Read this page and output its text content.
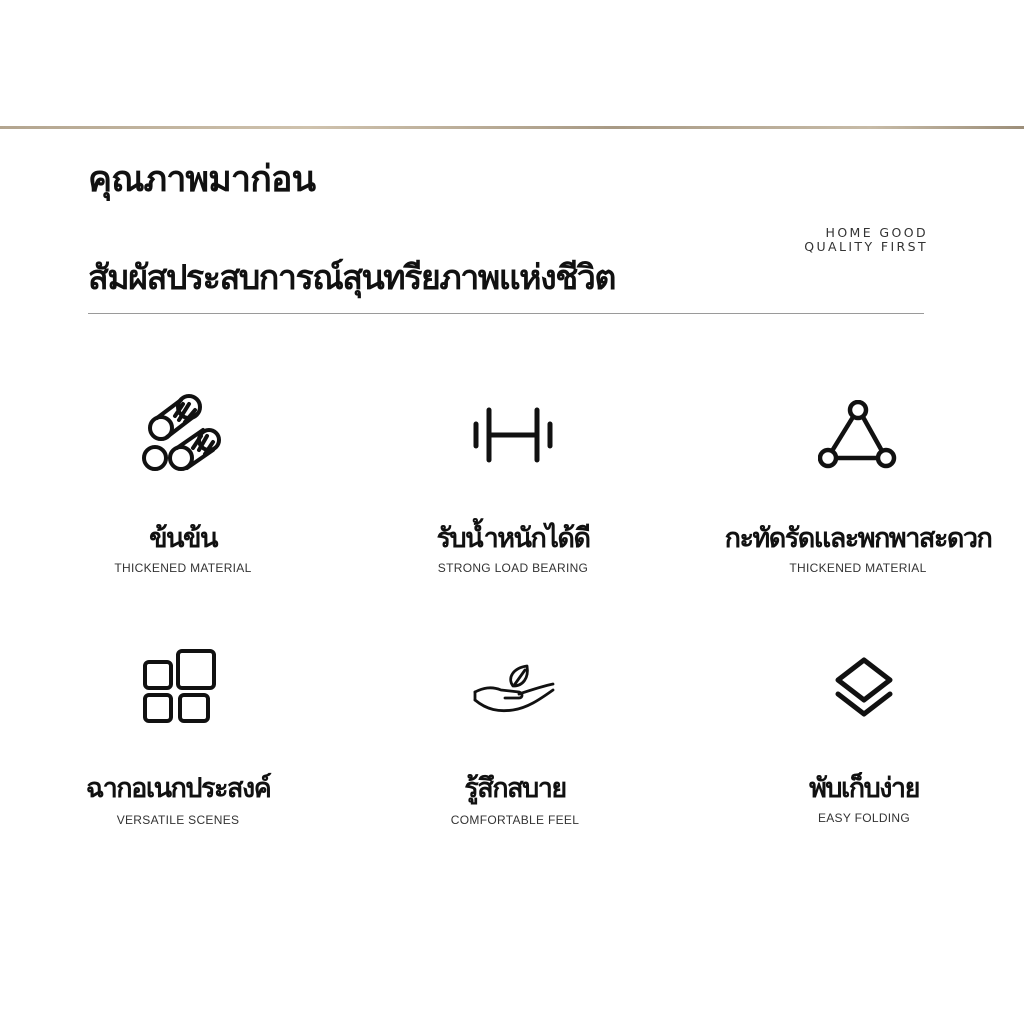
คุณภาพมาก่อน
สัมผัสประสบการณ์สุนทรียภาพแห่งชีวิต
HOME GOOD
QUALITY FIRST
ข้นข้น
THICKENED MATERIAL
รับน้ำหนักได้ดี
STRONG LOAD BEARING
กะทัดรัดและพกพาสะดวก
THICKENED MATERIAL
ฉากอเนกประสงค์
VERSATILE SCENES
รู้สึกสบาย
COMFORTABLE FEEL
พับเก็บง่าย
EASY FOLDING
